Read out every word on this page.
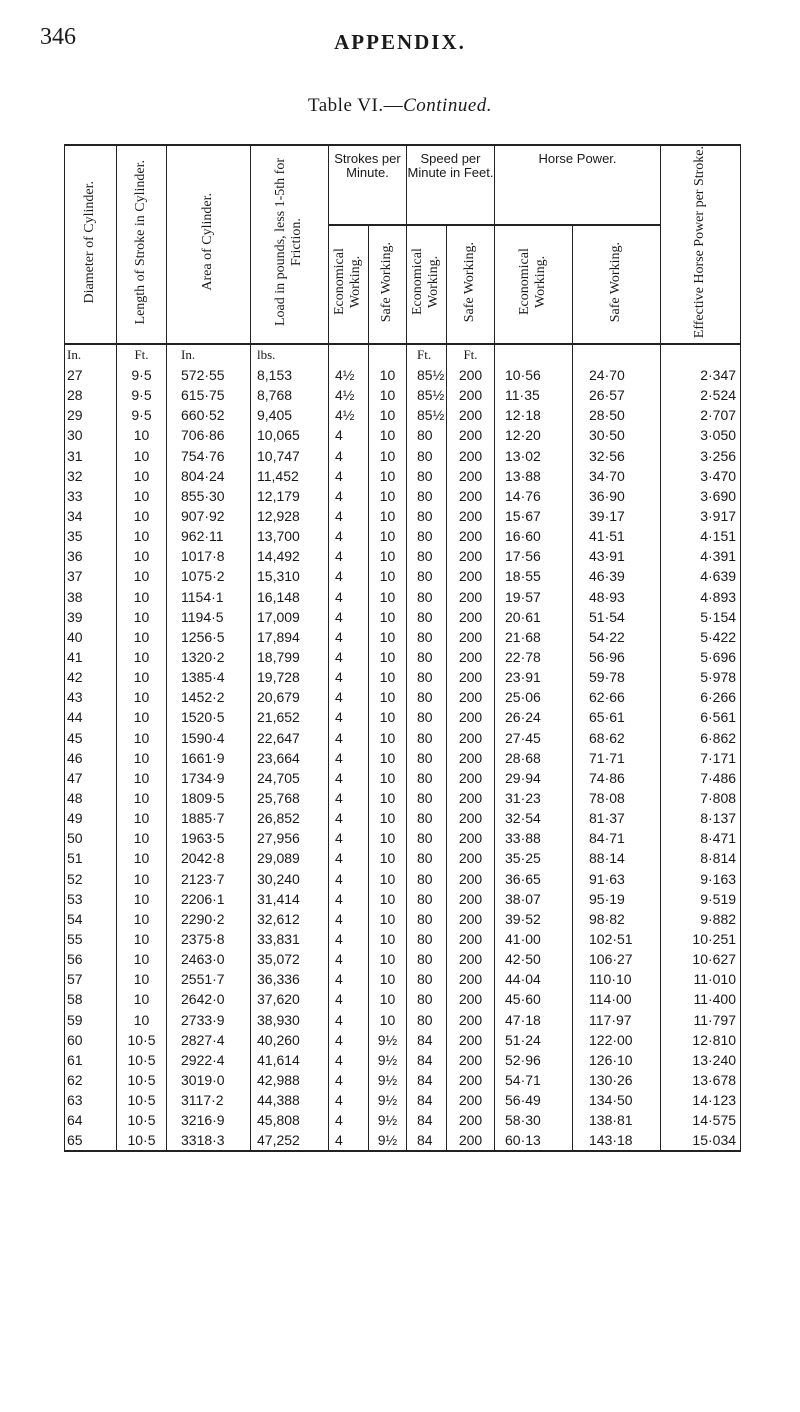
346	APPENDIX.
Table VI.—Continued.
Diameter of Cylinder.	Length of Stroke in Cylinder.	Area of Cylinder.	Load in pounds, less 1-5th for Friction.	Strokes per Minute.		Speed per Minute in Feet.		Horse Power.		Effective Horse Power per Stroke.
				Economical Working.	Safe Working.	Economical Working.	Safe Working.	Economical Working.	Safe Working.	
In.	Ft.	In.	lbs.			Ft.	Ft.			
27	9·5	572·55	8,153	4½	10	85½	200	10·56	24·70	2·347
28	9·5	615·75	8,768	4½	10	85½	200	11·35	26·57	2·524
29	9·5	660·52	9,405	4½	10	85½	200	12·18	28·50	2·707
30	10	706·86	10,065	4	10	80	200	12·20	30·50	3·050
31	10	754·76	10,747	4	10	80	200	13·02	32·56	3·256
32	10	804·24	11,452	4	10	80	200	13·88	34·70	3·470
33	10	855·30	12,179	4	10	80	200	14·76	36·90	3·690
34	10	907·92	12,928	4	10	80	200	15·67	39·17	3·917
35	10	962·11	13,700	4	10	80	200	16·60	41·51	4·151
36	10	1017·8	14,492	4	10	80	200	17·56	43·91	4·391
37	10	1075·2	15,310	4	10	80	200	18·55	46·39	4·639
38	10	1154·1	16,148	4	10	80	200	19·57	48·93	4·893
39	10	1194·5	17,009	4	10	80	200	20·61	51·54	5·154
40	10	1256·5	17,894	4	10	80	200	21·68	54·22	5·422
41	10	1320·2	18,799	4	10	80	200	22·78	56·96	5·696
42	10	1385·4	19,728	4	10	80	200	23·91	59·78	5·978
43	10	1452·2	20,679	4	10	80	200	25·06	62·66	6·266
44	10	1520·5	21,652	4	10	80	200	26·24	65·61	6·561
45	10	1590·4	22,647	4	10	80	200	27·45	68·62	6·862
46	10	1661·9	23,664	4	10	80	200	28·68	71·71	7·171
47	10	1734·9	24,705	4	10	80	200	29·94	74·86	7·486
48	10	1809·5	25,768	4	10	80	200	31·23	78·08	7·808
49	10	1885·7	26,852	4	10	80	200	32·54	81·37	8·137
50	10	1963·5	27,956	4	10	80	200	33·88	84·71	8·471
51	10	2042·8	29,089	4	10	80	200	35·25	88·14	8·814
52	10	2123·7	30,240	4	10	80	200	36·65	91·63	9·163
53	10	2206·1	31,414	4	10	80	200	38·07	95·19	9·519
54	10	2290·2	32,612	4	10	80	200	39·52	98·82	9·882
55	10	2375·8	33,831	4	10	80	200	41·00	102·51	10·251
56	10	2463·0	35,072	4	10	80	200	42·50	106·27	10·627
57	10	2551·7	36,336	4	10	80	200	44·04	110·10	11·010
58	10	2642·0	37,620	4	10	80	200	45·60	114·00	11·400
59	10	2733·9	38,930	4	10	80	200	47·18	117·97	11·797
60	10·5	2827·4	40,260	4	9½	84	200	51·24	122·00	12·810
61	10·5	2922·4	41,614	4	9½	84	200	52·96	126·10	13·240
62	10·5	3019·0	42,988	4	9½	84	200	54·71	130·26	13·678
63	10·5	3117·2	44,388	4	9½	84	200	56·49	134·50	14·123
64	10·5	3216·9	45,808	4	9½	84	200	58·30	138·81	14·575
65	10·5	3318·3	47,252	4	9½	84	200	60·13	143·18	15·034
